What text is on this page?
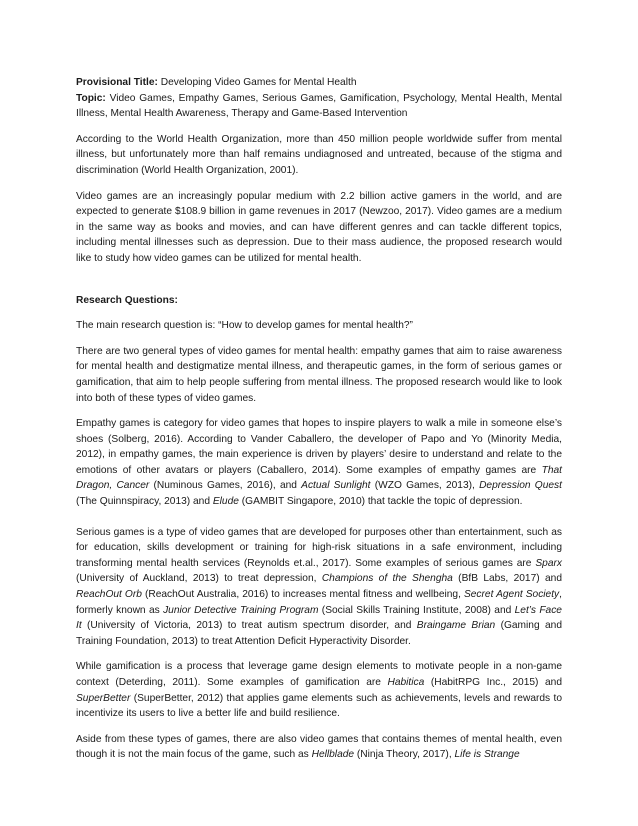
Provisional Title: Developing Video Games for Mental Health

Topic: Video Games, Empathy Games, Serious Games, Gamification, Psychology, Mental Health, Mental Illness, Mental Health Awareness, Therapy and Game-Based Intervention

According to the World Health Organization, more than 450 million people worldwide suffer from mental illness, but unfortunately more than half remains undiagnosed and untreated, because of the stigma and discrimination (World Health Organization, 2001).

Video games are an increasingly popular medium with 2.2 billion active gamers in the world, and are expected to generate $108.9 billion in game revenues in 2017 (Newzoo, 2017). Video games are a medium in the same way as books and movies, and can have different genres and can tackle different topics, including mental illnesses such as depression. Due to their mass audience, the proposed research would like to study how video games can be utilized for mental health.

Research Questions:

The main research question is: “How to develop games for mental health?”

There are two general types of video games for mental health: empathy games that aim to raise awareness for mental health and destigmatize mental illness, and therapeutic games, in the form of serious games or gamification, that aim to help people suffering from mental illness. The proposed research would like to look into both of these types of video games.

Empathy games is category for video games that hopes to inspire players to walk a mile in someone else’s shoes (Solberg, 2016). According to Vander Caballero, the developer of Papo and Yo (Minority Media, 2012), in empathy games, the main experience is driven by players’ desire to understand and relate to the emotions of other avatars or players (Caballero, 2014). Some examples of empathy games are That Dragon, Cancer (Numinous Games, 2016), and Actual Sunlight (WZO Games, 2013), Depression Quest (The Quinnspiracy, 2013) and Elude (GAMBIT Singapore, 2010) that tackle the topic of depression.

Serious games is a type of video games that are developed for purposes other than entertainment, such as for education, skills development or training for high-risk situations in a safe environment, including transforming mental health services (Reynolds et.al., 2017). Some examples of serious games are Sparx (University of Auckland, 2013) to treat depression, Champions of the Shengha (BfB Labs, 2017) and ReachOut Orb (ReachOut Australia, 2016) to increases mental fitness and wellbeing, Secret Agent Society, formerly known as Junior Detective Training Program (Social Skills Training Institute, 2008) and Let’s Face It (University of Victoria, 2013) to treat autism spectrum disorder, and Braingame Brian (Gaming and Training Foundation, 2013) to treat Attention Deficit Hyperactivity Disorder.

While gamification is a process that leverage game design elements to motivate people in a non-game context (Deterding, 2011). Some examples of gamification are Habitica (HabitRPG Inc., 2015) and SuperBetter (SuperBetter, 2012) that applies game elements such as achievements, levels and rewards to incentivize its users to live a better life and build resilience.

Aside from these types of games, there are also video games that contains themes of mental health, even though it is not the main focus of the game, such as Hellblade (Ninja Theory, 2017), Life is Strange
